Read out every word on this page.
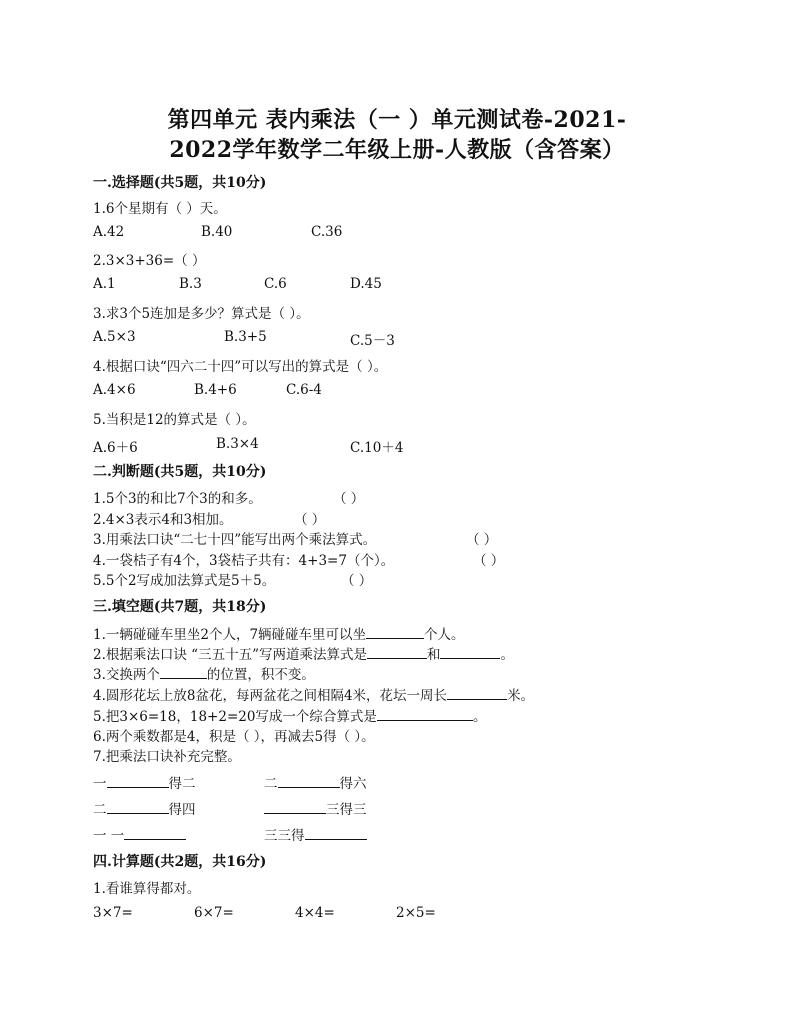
第四单元 表内乘法（一 ）单元测试卷-2021-
2022学年数学二年级上册-人教版（含答案）
一.选择题(共5题，共10分)
1.6个星期有（ ）天。
A.42	B.40	C.36
2.3×3+36=（ ）
A.1	B.3	C.6	D.45
3.求3个5连加是多少？算式是（ ）。
A.5×3	B.3+5	C.5－3
4.根据口诀“四六二十四”可以写出的算式是（ ）。
A.4×6	B.4+6	C.6-4
5.当积是12的算式是（ ）。
A.6＋6	B.3×4	C.10＋4
二.判断题(共5题，共10分)
1.5个3的和比7个3的和多。	（ ）
2.4×3表示4和3相加。	（ ）
3.用乘法口诀“二七十四”能写出两个乘法算式。	（ ）
4.一袋桔子有4个，3袋桔子共有：4+3=7（个）。	（ ）
5.5个2写成加法算式是5＋5。	（ ）
三.填空题(共7题，共18分)
1.一辆碰碰车里坐2个人，7辆碰碰车里可以坐	个人。
2.根据乘法口诀 “三五十五”写两道乘法算式是	和	。
3.交换两个	的位置，积不变。
4.圆形花坛上放8盆花，每两盆花之间相隔4米，花坛一周长	米。
5.把3×6=18，18+2=20写成一个综合算式是	。
6.两个乘数都是4，积是（ ），再减去5得（ ）。
7.把乘法口诀补充完整。
一	得二	二	得六
二	得四	三得三
一 一	三三得
四.计算题(共2题，共16分)
1.看谁算得都对。
3×7=	6×7=	4×4=	2×5=
